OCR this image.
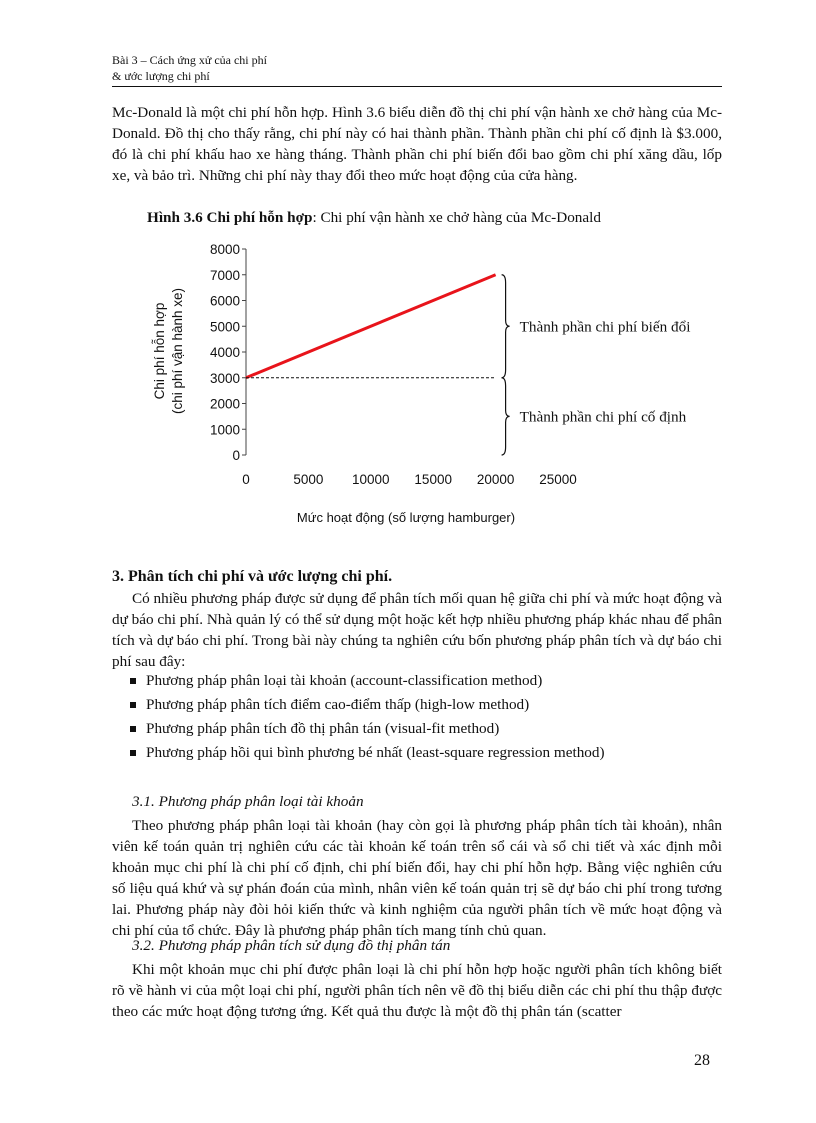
Bài 3 – Cách ứng xử của chi phí
& ước lượng chi phí

Mc-Donald là một chi phí hỗn hợp. Hình 3.6 biểu diễn đồ thị chi phí vận hành xe chở hàng của Mc-Donald. Đồ thị cho thấy rằng, chi phí này có hai thành phần. Thành phần chi phí cố định là $3.000, đó là chi phí khấu hao xe hàng tháng. Thành phần chi phí biến đổi bao gồm chi phí xăng dầu, lốp xe, và bảo trì. Những chi phí này thay đổi theo mức hoạt động của cửa hàng.

Hình 3.6 Chi phí hỗn hợp: Chi phí vận hành xe chở hàng của Mc-Donald
0
1000
2000
3000
4000
5000
6000
7000
8000
0	5000 10000 15000 20000 25000
Thành phần chi phí biến đổi
Thành phần chi phí cố định
Mức hoạt động (số lượng hamburger)
Chi phí hỗn hợp (chi phí vận hành xe)
3. Phân tích chi phí và ước lượng chi phí.

Có nhiều phương pháp được sử dụng để phân tích mối quan hệ giữa chi phí và mức hoạt động và dự báo chi phí. Nhà quản lý có thể sử dụng một hoặc kết hợp nhiều phương pháp khác nhau để phân tích và dự báo chi phí. Trong bài này chúng ta nghiên cứu bốn phương pháp phân tích và dự báo chi phí sau đây:

Phương pháp phân loại tài khoản (account-classification method)
Phương pháp phân tích điểm cao-điểm thấp (high-low method)
Phương pháp phân tích đồ thị phân tán (visual-fit method)
Phương pháp hồi qui bình phương bé nhất (least-square regression method)
3.1. Phương pháp phân loại tài khoản

Theo phương pháp phân loại tài khoản (hay còn gọi là phương pháp phân tích tài khoản), nhân viên kế toán quản trị nghiên cứu các tài khoản kế toán trên sổ cái và sổ chi tiết và xác định mỗi khoản mục chi phí là chi phí cố định, chi phí biến đổi, hay chi phí hỗn hợp. Bằng việc nghiên cứu số liệu quá khứ và sự phán đoán của mình, nhân viên kế toán quản trị sẽ dự báo chi phí trong tương lai. Phương pháp này đòi hỏi kiến thức và kinh nghiệm của người phân tích về mức hoạt động và chi phí của tổ chức. Đây là phương pháp phân tích mang tính chủ quan.

3.2. Phương pháp phân tích sử dụng đồ thị phân tán

Khi một khoản mục chi phí được phân loại là chi phí hỗn hợp hoặc người phân tích không biết rõ về hành vi của một loại chi phí, người phân tích nên vẽ đồ thị biểu diễn các chi phí thu thập được theo các mức hoạt động tương ứng. Kết quả thu được là một đồ thị phân tán (scatter

28
